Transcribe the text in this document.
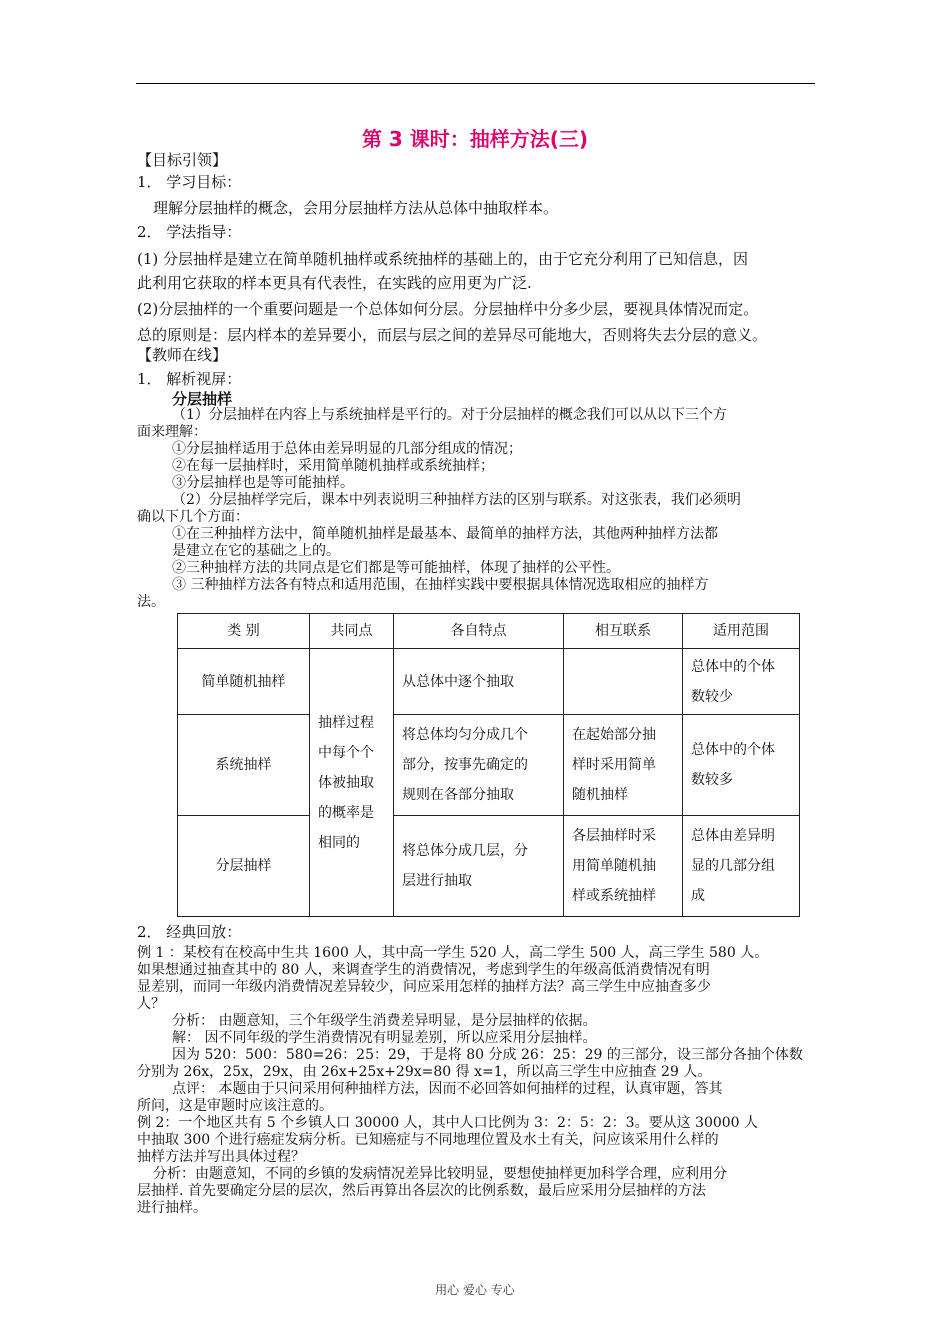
第 3 课时：抽样方法(三)
【目标引领】
1． 学习目标：
理解分层抽样的概念，会用分层抽样方法从总体中抽取样本。
2． 学法指导：
(1) 分层抽样是建立在简单随机抽样或系统抽样的基础上的，由于它充分利用了已知信息，因
此利用它获取的样本更具有代表性，在实践的应用更为广泛.
(2)分层抽样的一个重要问题是一个总体如何分层。分层抽样中分多少层，要视具体情况而定。
总的原则是：层内样本的差异要小，而层与层之间的差异尽可能地大，否则将失去分层的意义。
【教师在线】
1． 解析视屏：
分层抽样
（1）分层抽样在内容上与系统抽样是平行的。对于分层抽样的概念我们可以从以下三个方
面来理解：
①分层抽样适用于总体由差异明显的几部分组成的情况；
②在每一层抽样时，采用简单随机抽样或系统抽样；
③分层抽样也是等可能抽样。
（2）分层抽样学完后，课本中列表说明三种抽样方法的区别与联系。对这张表，我们必须明
确以下几个方面：
①在三种抽样方法中，简单随机抽样是最基本、最简单的抽样方法，其他两种抽样方法都
是建立在它的基础之上的。
②三种抽样方法的共同点是它们都是等可能抽样，体现了抽样的公平性。
③ 三种抽样方法各有特点和适用范围，在抽样实践中要根据具体情况选取相应的抽样方
法。
2． 经典回放：
例 1 ：某校有在校高中生共 1600 人，其中高一学生 520 人，高二学生 500 人，高三学生 580 人。
如果想通过抽查其中的 80 人，来调查学生的消费情况，考虑到学生的年级高低消费情况有明
显差别，而同一年级内消费情况差异较少，问应采用怎样的抽样方法？高三学生中应抽查多少
人？
分析： 由题意知，三个年级学生消费差异明显，是分层抽样的依据。
解： 因不同年级的学生消费情况有明显差别，所以应采用分层抽样。
因为 520：500：580=26：25：29，于是将 80 分成 26：25：29 的三部分，设三部分各抽个体数
分别为 26x，25x，29x，由 26x+25x+29x=80 得 x=1，所以高三学生中应抽查 29 人。
点评： 本题由于只问采用何种抽样方法，因而不必回答如何抽样的过程，认真审题，答其
所问，这是审题时应该注意的。
例 2：一个地区共有 5 个乡镇人口 30000 人，其中人口比例为 3：2：5：2：3。要从这 30000 人
中抽取 300 个进行癌症发病分析。已知癌症与不同地理位置及水土有关，问应该采用什么样的
抽样方法并写出具体过程？
分析：由题意知，不同的乡镇的发病情况差异比较明显，要想使抽样更加科学合理，应利用分
层抽样. 首先要确定分层的层次，然后再算出各层次的比例系数，最后应采用分层抽样的方法
进行抽样。
类 别	共同点	各自特点	相互联系	适用范围
简单随机抽样	抽样过程
中每个个
体被抽取
的概率是
相同的	从总体中逐个抽取		总体中的个体
数较少

系统抽样		将总体均匀分成几个
部分，按事先确定的
规则在各部分抽取	在起始部分抽
样时采用简单
随机抽样	总体中的个体
数较多

分层抽样		将总体分成几层，分
层进行抽取	各层抽样时采
用简单随机抽
样或系统抽样	总体由差异明
显的几部分组
成
用心 爱心 专心
